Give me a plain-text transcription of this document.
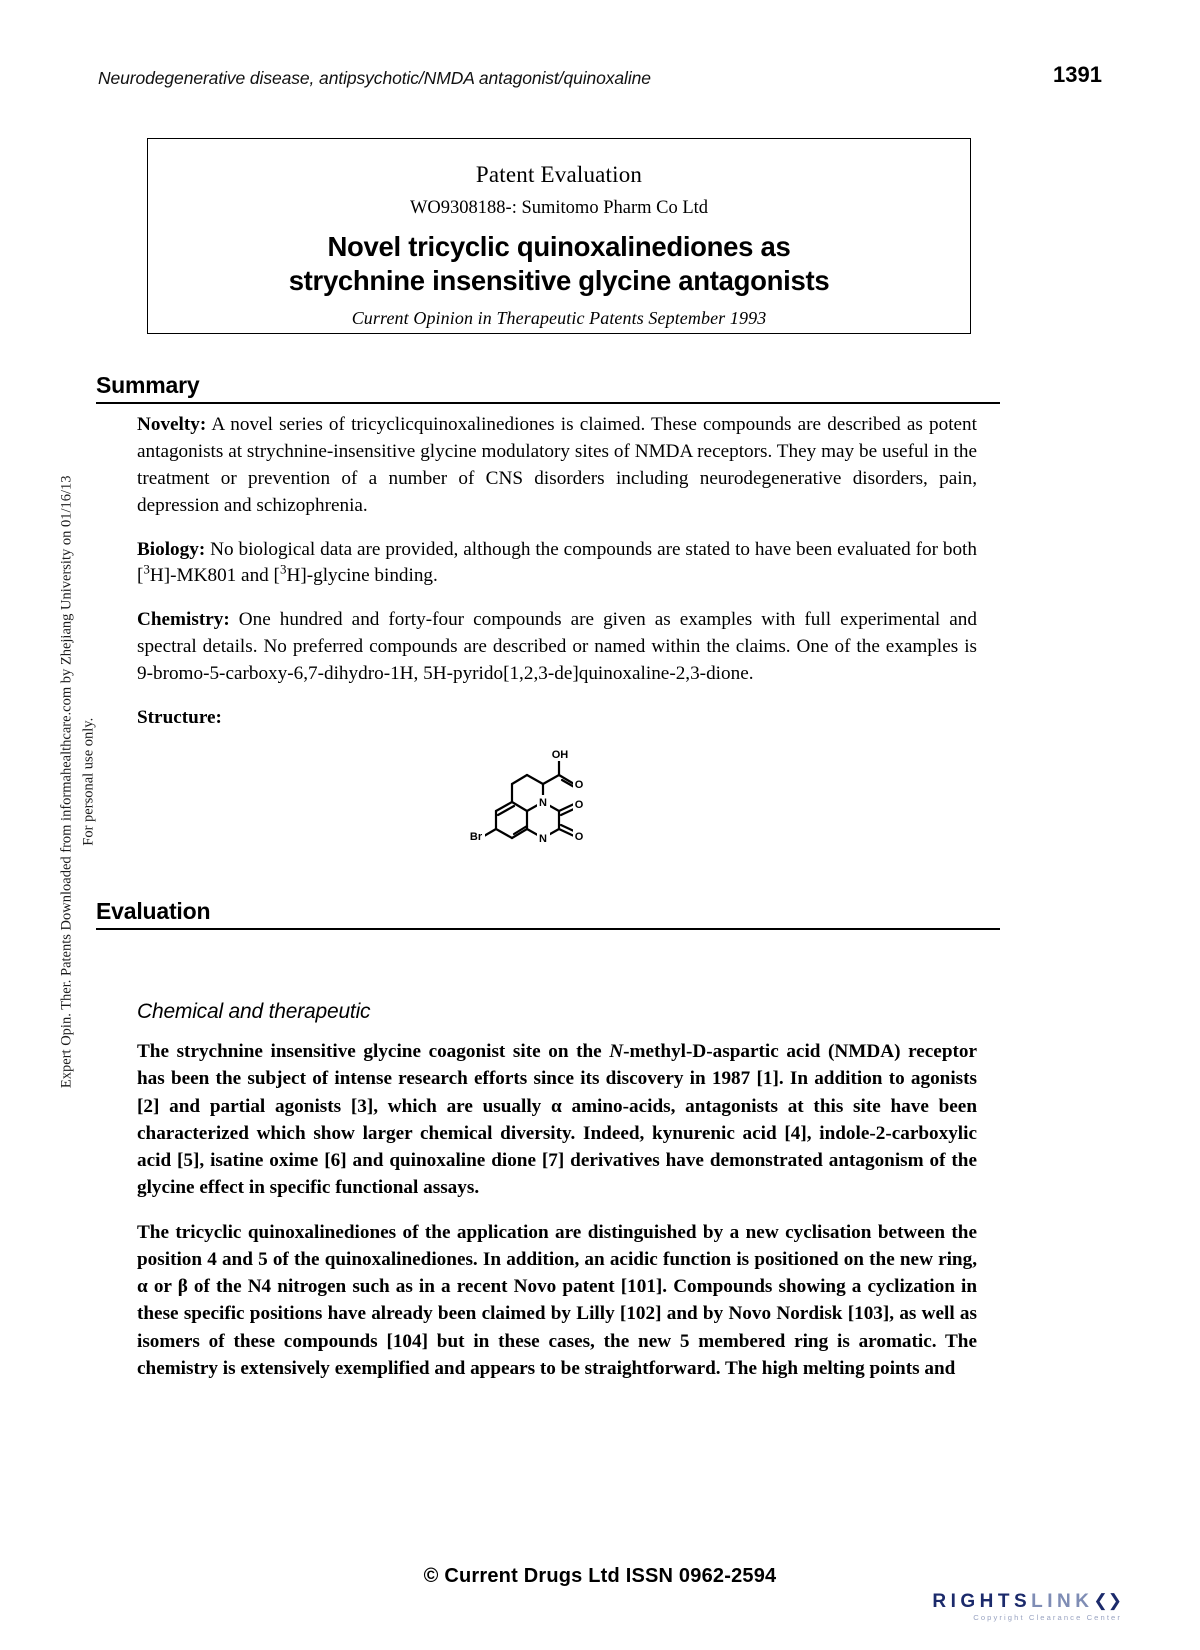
Neurodegenerative disease, antipsychotic/NMDA antagonist/quinoxaline	1391
Patent Evaluation
WO9308188-: Sumitomo Pharm Co Ltd
Novel tricyclic quinoxalinediones as
strychnine insensitive glycine antagonists
Current Opinion in Therapeutic Patents September 1993
Summary

Novelty: A novel series of tricyclicquinoxalinediones is claimed. These compounds are described as potent antagonists at strychnine-insensitive glycine modulatory sites of NMDA receptors. They may be useful in the treatment or prevention of a number of CNS disorders including neurodegenerative disorders, pain, depression and schizophrenia.

Biology: No biological data are provided, although the compounds are stated to have been evaluated for both [$^3$H]-MK801 and [$^3$H]-glycine binding.

Chemistry: One hundred and forty-four compounds are given as examples with full experimental and spectral details. No preferred compounds are described or named within the claims. One of the examples is 9-bromo-5-carboxy-6,7-dihydro-1H, 5H-pyrido[1,2,3-de]quinoxaline-2,3-dione.

Structure:

OH
O
O
O
N
N
Br
Evaluation

Chemical and therapeutic

The strychnine insensitive glycine coagonist site on the N-methyl-D-aspartic acid (NMDA) receptor has been the subject of intense research efforts since its discovery in 1987 [1]. In addition to agonists [2] and partial agonists [3], which are usually α amino-acids, antagonists at this site have been characterized which show larger chemical diversity. Indeed, kynurenic acid [4], indole-2-carboxylic acid [5], isatine oxime [6] and quinoxaline dione [7] derivatives have demonstrated antagonism of the glycine effect in specific functional assays.

The tricyclic quinoxalinediones of the application are distinguished by a new cyclisation between the position 4 and 5 of the quinoxalinediones. In addition, an acidic function is positioned on the new ring, α or β of the N4 nitrogen such as in a recent Novo patent [101]. Compounds showing a cyclization in these specific positions have already been claimed by Lilly [102] and by Novo Nordisk [103], as well as isomers of these compounds [104] but in these cases, the new 5 membered ring is aromatic. The chemistry is extensively exemplified and appears to be straightforward. The high melting points and

Expert Opin. Ther. Patents Downloaded from informahealthcare.com by Zhejiang University on 01/16/13 For personal use only.
© Current Drugs Ltd ISSN 0962-2594
RIGHTSLINK❮❯
Copyright Clearance Center
